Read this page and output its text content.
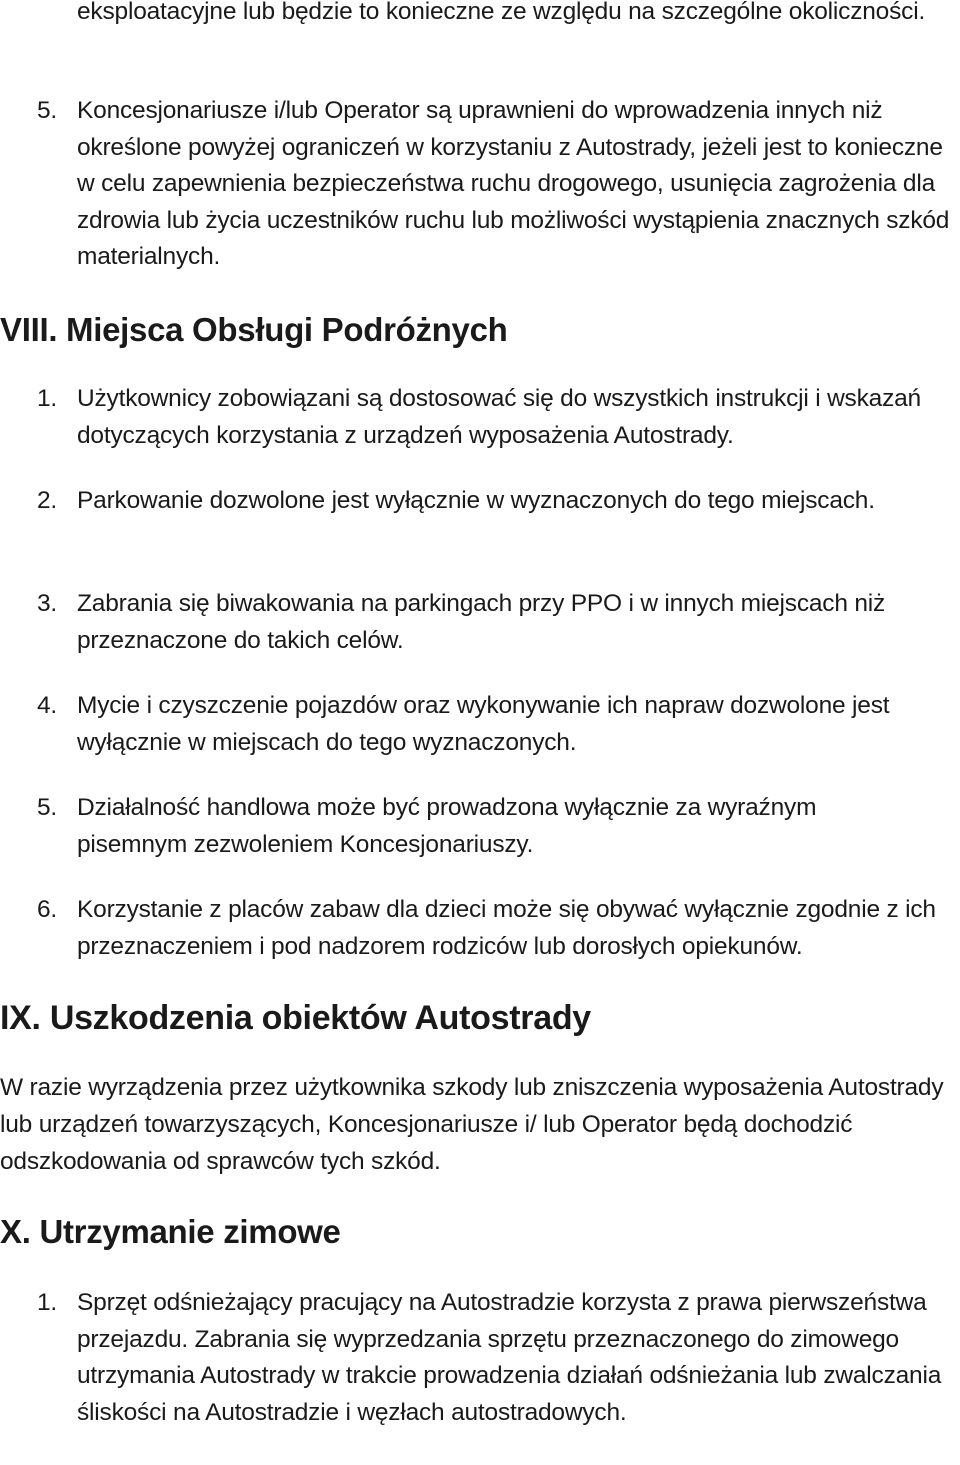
eksploatacyjne lub będzie to konieczne ze względu na szczególne okoliczności.

5. Koncesjonariusze i/lub Operator są uprawnieni do wprowadzenia innych niż określone powyżej ograniczeń w korzystaniu z Autostrady, jeżeli jest to konieczne w celu zapewnienia bezpieczeństwa ruchu drogowego, usunięcia zagrożenia dla zdrowia lub życia uczestników ruchu lub możliwości wystąpienia znacznych szkód materialnych.
VIII. Miejsca Obsługi Podróżnych
1. Użytkownicy zobowiązani są dostosować się do wszystkich instrukcji i wskazań dotyczących korzystania z urządzeń wyposażenia Autostrady.
2. Parkowanie dozwolone jest wyłącznie w wyznaczonych do tego miejscach.
3. Zabrania się biwakowania na parkingach przy PPO i w innych miejscach niż przeznaczone do takich celów.
4. Mycie i czyszczenie pojazdów oraz wykonywanie ich napraw dozwolone jest wyłącznie w miejscach do tego wyznaczonych.
5. Działalność handlowa może być prowadzona wyłącznie za wyraźnym pisemnym zezwoleniem Koncesjonariuszy.
6. Korzystanie z placów zabaw dla dzieci może się obywać wyłącznie zgodnie z ich przeznaczeniem i pod nadzorem rodziców lub dorosłych opiekunów.
IX. Uszkodzenia obiektów Autostrady

W razie wyrządzenia przez użytkownika szkody lub zniszczenia wyposażenia Autostrady lub urządzeń towarzyszących, Koncesjonariusze i/ lub Operator będą dochodzić odszkodowania od sprawców tych szkód.

X. Utrzymanie zimowe
1. Sprzęt odśnieżający pracujący na Autostradzie korzysta z prawa pierwszeństwa przejazdu. Zabrania się wyprzedzania sprzętu przeznaczonego do zimowego utrzymania Autostrady w trakcie prowadzenia działań odśnieżania lub zwalczania śliskości na Autostradzie i węzłach autostradowych.
